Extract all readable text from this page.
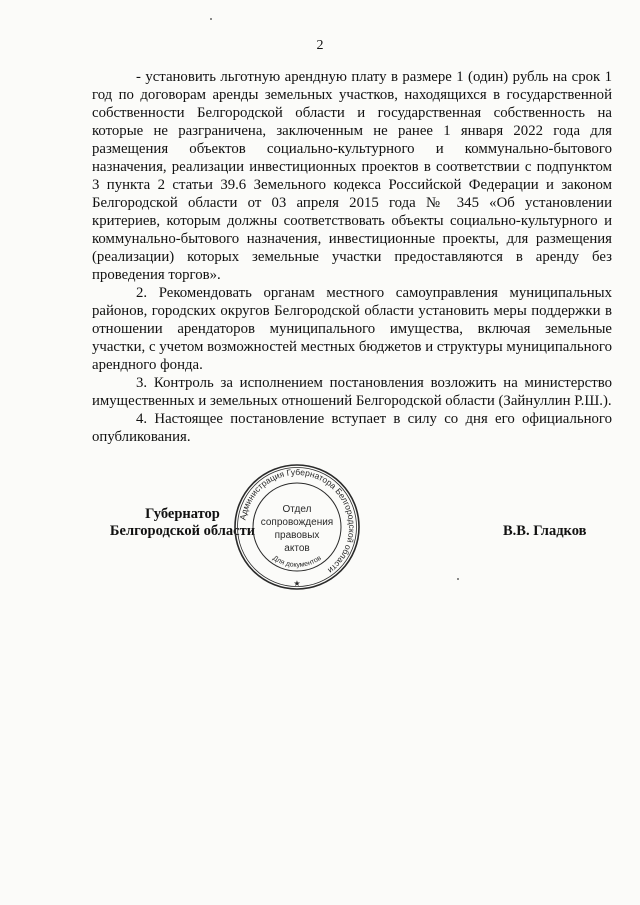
2

- установить льготную арендную плату в размере 1 (один) рубль на срок 1 год по договорам аренды земельных участков, находящихся в государственной собственности Белгородской области и государственная собственность на которые не разграничена, заключенным не ранее 1 января 2022 года для размещения объектов социально-культурного и коммунально-бытового назначения, реализации инвестиционных проектов в соответствии с подпунктом 3 пункта 2 статьи 39.6 Земельного кодекса Российской Федерации и законом Белгородской области от 03 апреля 2015 года № 345 «Об установлении критериев, которым должны соответствовать объекты социально-культурного и коммунально-бытового назначения, инвестиционные проекты, для размещения (реализации) которых земельные участки предоставляются в аренду без проведения торгов».

2. Рекомендовать органам местного самоуправления муниципальных районов, городских округов Белгородской области установить меры поддержки в отношении арендаторов муниципального имущества, включая земельные участки, с учетом возможностей местных бюджетов и структуры муниципального арендного фонда.

3. Контроль за исполнением постановления возложить на министерство имущественных и земельных отношений Белгородской области (Зайнуллин Р.Ш.).

4. Настоящее постановление вступает в силу со дня его официального опубликования.

Губернатор
Белгородской области
Администрация Губернатора Белгородской области
Для документов
Отдел
сопровождения
правовых
актов
★
В.В. Гладков
